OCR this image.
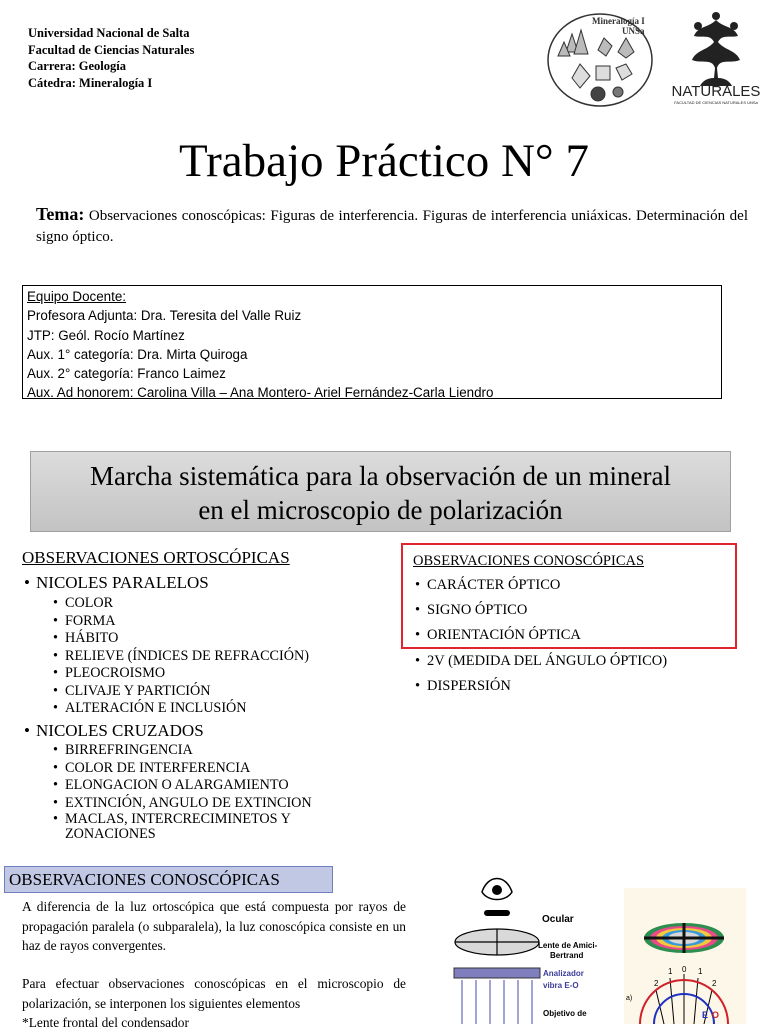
Universidad Nacional de Salta
Facultad de Ciencias Naturales
Carrera: Geología
Cátedra: Mineralogía I
Mineralogía I
UNSa
NATURALES
FACULTAD DE CIENCIAS NATURALES UNSa
Trabajo Práctico N° 7
Tema: Observaciones conoscópicas: Figuras de interferencia. Figuras de interferencia uniáxicas. Determinación del signo óptico.
Equipo Docente:
Profesora Adjunta: Dra. Teresita del Valle Ruiz
JTP: Geól. Rocío Martínez
Aux. 1° categoría: Dra. Mirta Quiroga
Aux. 2° categoría: Franco Laimez
Aux. Ad honorem: Carolina Villa – Ana Montero- Ariel Fernández-Carla Liendro
Marcha sistemática para la observación de un mineral
en el microscopio de polarización
OBSERVACIONES ORTOSCÓPICAS
• NICOLES PARALELOS
• COLOR
• FORMA
• HÁBITO
• RELIEVE (ÍNDICES DE REFRACCIÓN)
• PLEOCROISMO
• CLIVAJE Y PARTICIÓN
• ALTERACIÓN E INCLUSIÓN
• NICOLES CRUZADOS
• BIRREFRINGENCIA
• COLOR DE INTERFERENCIA
• ELONGACION O ALARGAMIENTO
• EXTINCIÓN, ANGULO DE EXTINCION
• MACLAS, INTERCRECIMINETOS Y
ZONACIONES
OBSERVACIONES CONOSCÓPICAS
• CARÁCTER ÓPTICO
• SIGNO ÓPTICO
• ORIENTACIÓN ÓPTICA
• 2V (MEDIDA DEL ÁNGULO ÓPTICO)
• DISPERSIÓN
OBSERVACIONES CONOSCÓPICAS
A diferencia de la luz ortoscópica que está compuesta por rayos de propagación paralela (o subparalela), la luz conoscópica consiste en un haz de rayos convergentes.
Para efectuar observaciones conoscópicas en el microscopio de polarización, se interponen los siguientes elementos
*Lente frontal del condensador
Ocular
Lente de Amici-
Bertrand
Analizador
vibra E-O
Objetivo de
0
1	1
2	2
E O
a)
